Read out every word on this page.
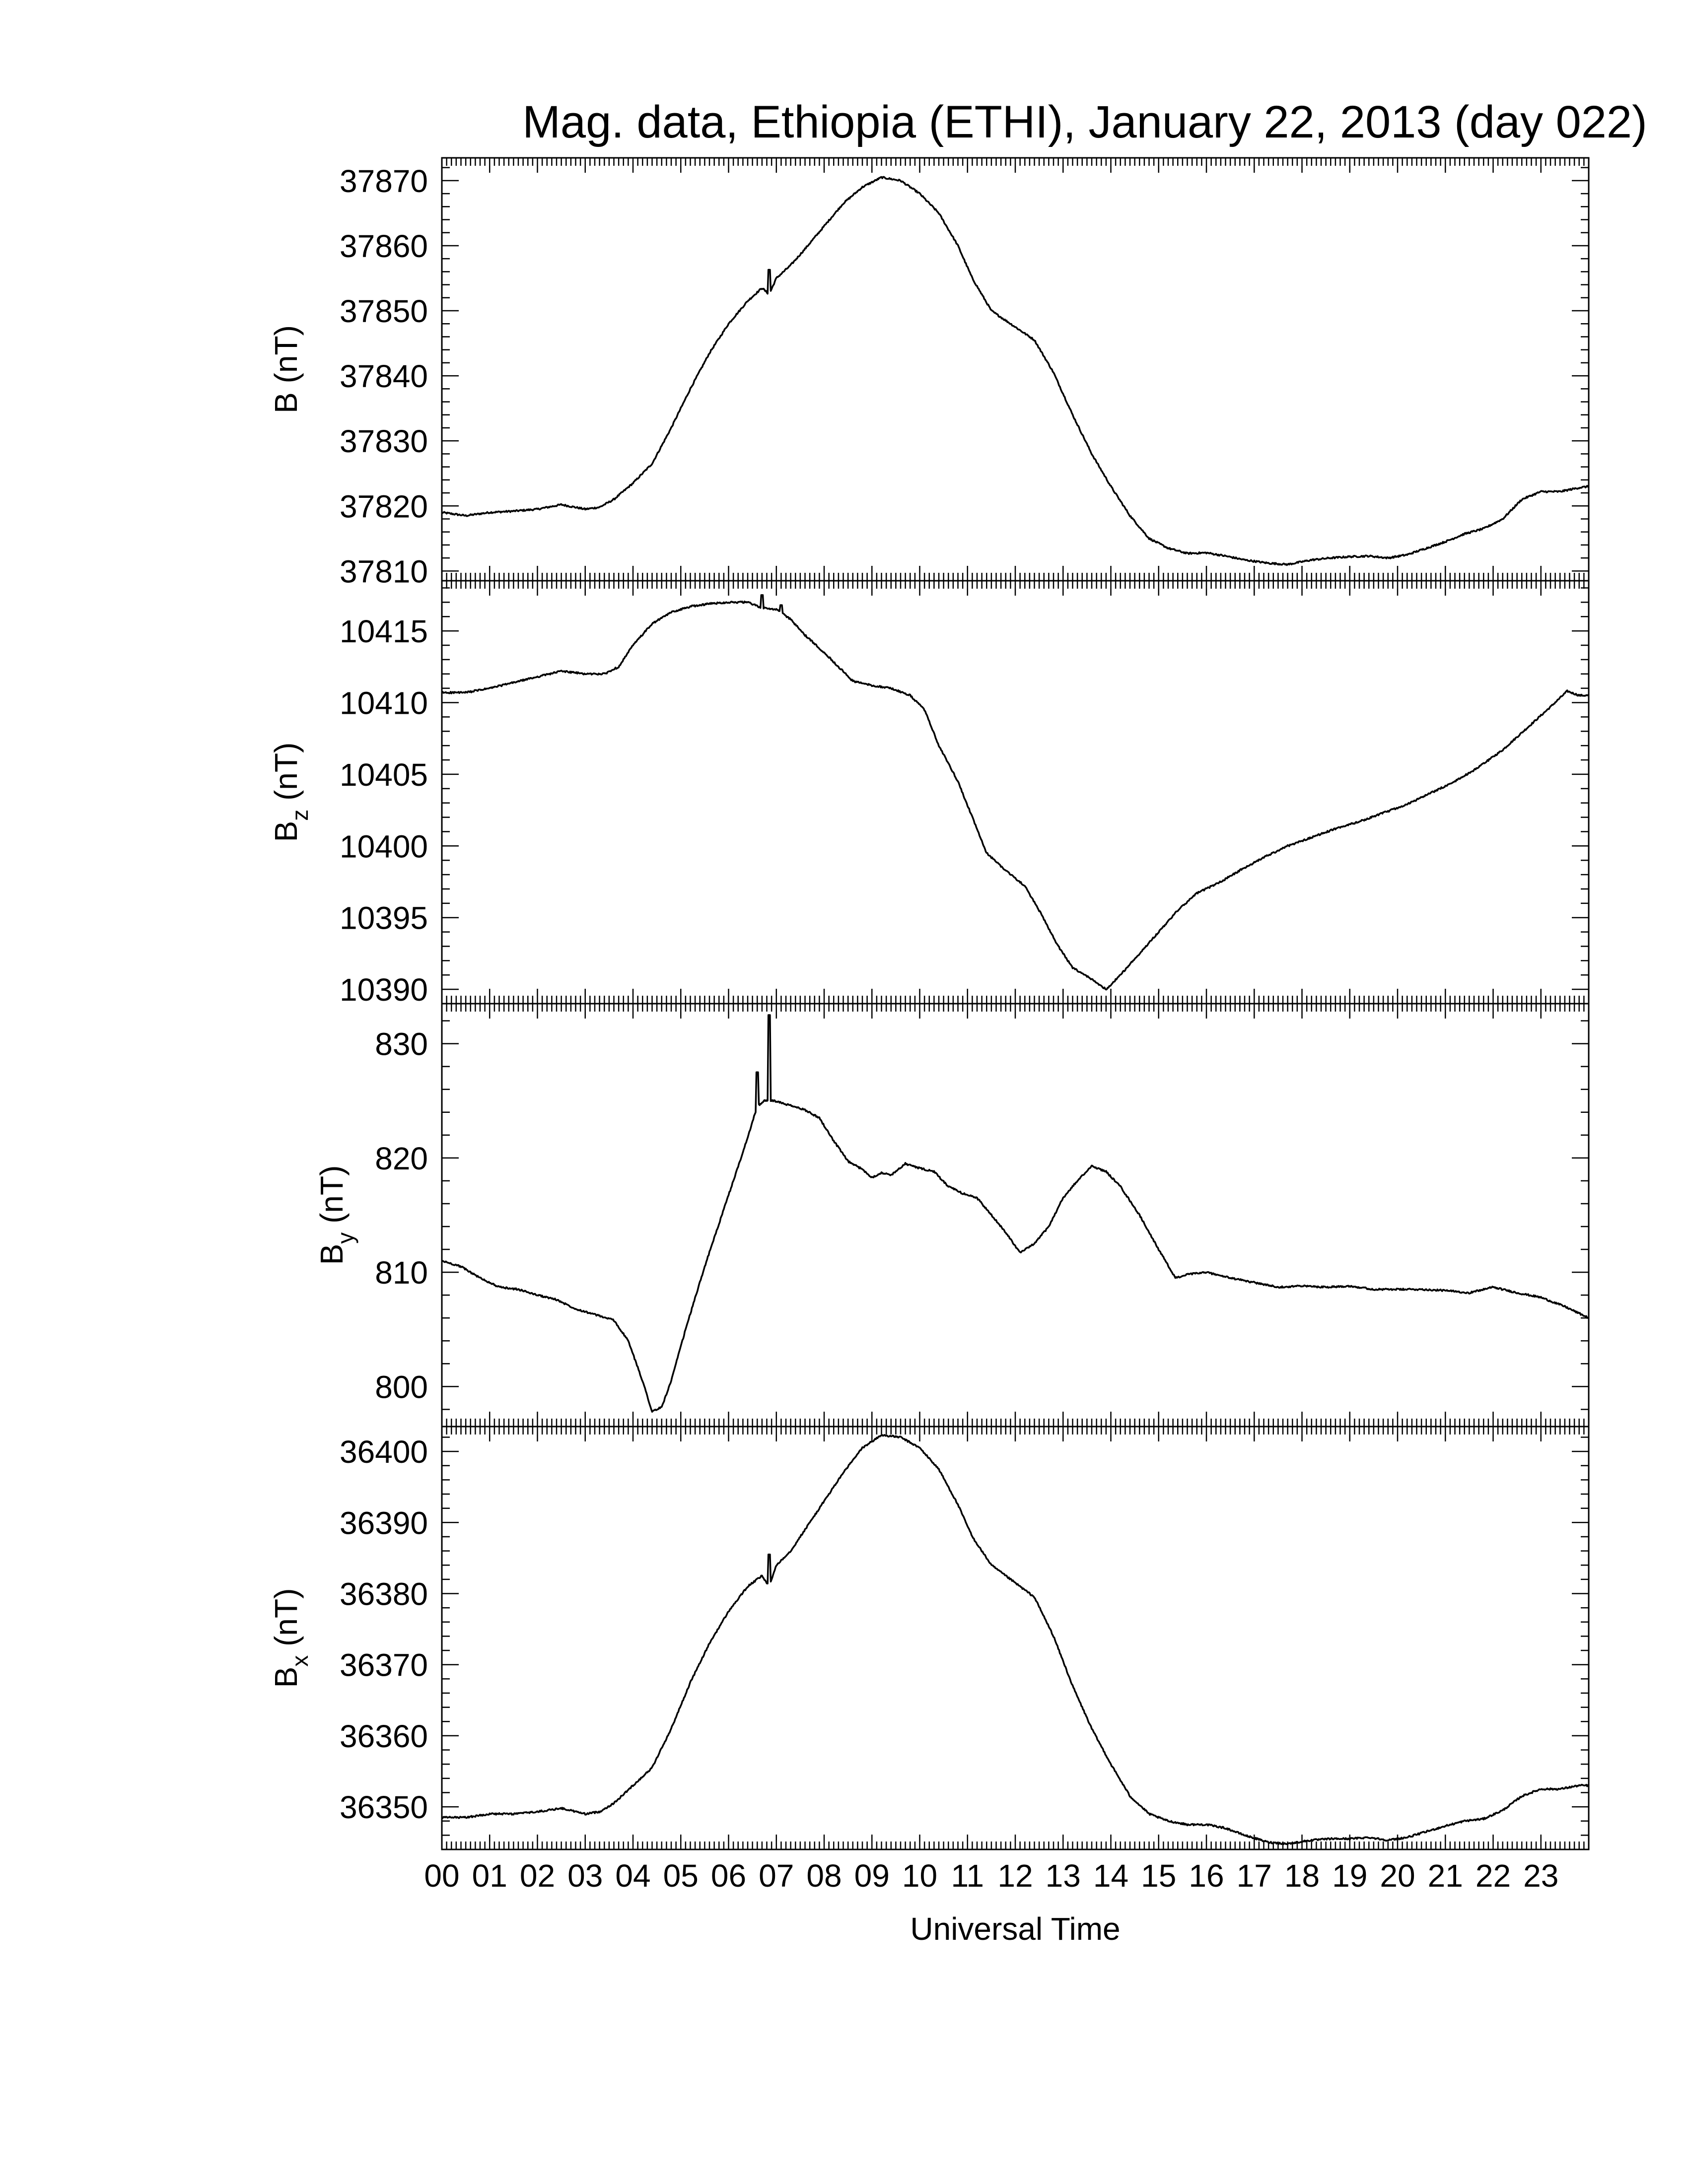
Mag. data, Ethiopia (ETHI), January 22, 2013 (day 022)
37810
37820
37830
37840
37850
37860
37870
B (nT)
10390
10395
10400
10405
10410
10415
$B_z$ (nT)
800
810
820
830
$B_y$ (nT)
36350
36360
36370
36380
36390
36400
$B_x$ (nT)
00 01 02 03 04 05 06 07 08 09 10 11 12 13 14 15 16 17 18 19 20 21 22 23
Universal Time
